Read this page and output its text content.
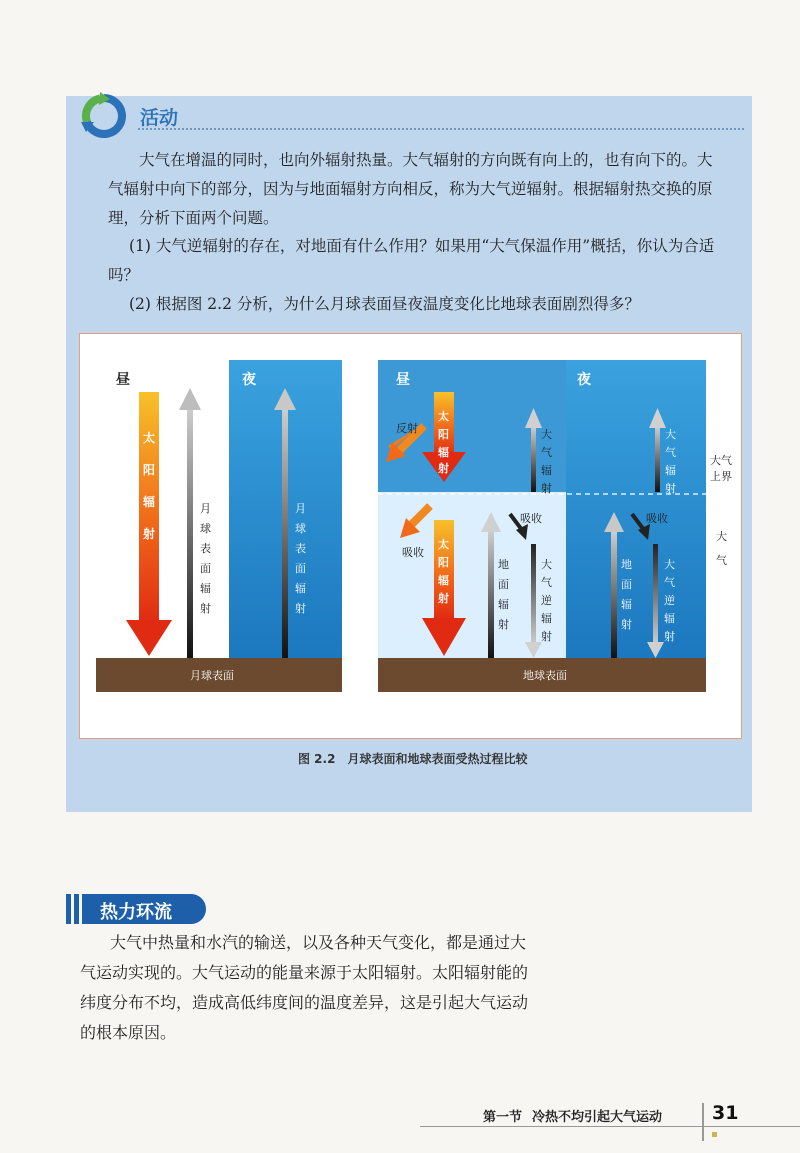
活动

大气在增温的同时，也向外辐射热量。大气辐射的方向既有向上的，也有向下的。大气辐射中向下的部分，因为与地面辐射方向相反，称为大气逆辐射。根据辐射热交换的原理，分析下面两个问题。

(1) 大气逆辐射的存在，对地面有什么作用？如果用“大气保温作用”概括，你认为合适吗？

(2) 根据图 2.2 分析，为什么月球表面昼夜温度变化比地球表面剧烈得多？

昼	夜
太阳辐射
月球表面辐射
月球表面辐射
月球表面
昼	夜
太阳辐射
反射
吸收
太阳辐射
大气辐射
吸收
地面辐射
大气逆辐射
大气辐射
吸收
地面辐射
大气逆辐射
地球表面
大气上界
大气
图 2.2 月球表面和地球表面受热过程比较
热力环流

大气中热量和水汽的输送，以及各种天气变化，都是通过大气运动实现的。大气运动的能量来源于太阳辐射。太阳辐射能的纬度分布不均，造成高低纬度间的温度差异，这是引起大气运动的根本原因。

第一节 冷热不均引起大气运动	31
